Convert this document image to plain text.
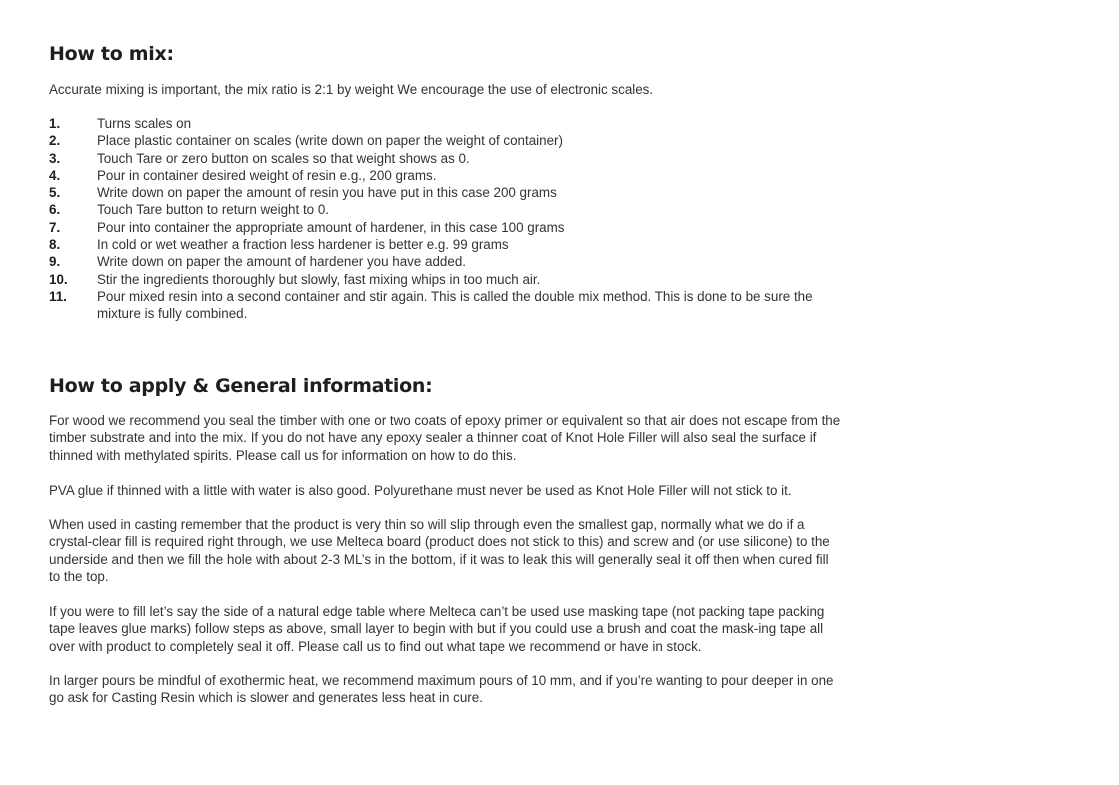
How to mix:

Accurate mixing is important, the mix ratio is 2:1 by weight We encourage the use of electronic scales.

1.	Turns scales on
2.	Place plastic container on scales (write down on paper the weight of container)
3.	Touch Tare or zero button on scales so that weight shows as 0.
4.	Pour in container desired weight of resin e.g., 200 grams.
5.	Write down on paper the amount of resin you have put in this case 200 grams
6.	Touch Tare button to return weight to 0.
7.	Pour into container the appropriate amount of hardener, in this case 100 grams
8.	In cold or wet weather a fraction less hardener is better e.g. 99 grams
9.	Write down on paper the amount of hardener you have added.
10.	Stir the ingredients thoroughly but slowly, fast mixing whips in too much air.
11.	Pour mixed resin into a second container and stir again. This is called the double mix method. This is done to be sure the mixture is fully combined.
How to apply & General information:

For wood we recommend you seal the timber with one or two coats of epoxy primer or equivalent so that air does not escape from the timber substrate and into the mix. If you do not have any epoxy sealer a thinner coat of Knot Hole Filler will also seal the surface if thinned with methylated spirits. Please call us for information on how to do this.

PVA glue if thinned with a little with water is also good. Polyurethane must never be used as Knot Hole Filler will not stick to it.

When used in casting remember that the product is very thin so will slip through even the smallest gap, normally what we do if a crystal-clear fill is required right through, we use Melteca board (product does not stick to this) and screw and (or use silicone) to the underside and then we fill the hole with about 2-3 ML’s in the bottom, if it was to leak this will generally seal it off then when cured fill to the top.

If you were to fill let’s say the side of a natural edge table where Melteca can’t be used use masking tape (not packing tape packing tape leaves glue marks) follow steps as above, small layer to begin with but if you could use a brush and coat the mask-ing tape all over with product to completely seal it off. Please call us to find out what tape we recommend or have in stock.

In larger pours be mindful of exothermic heat, we recommend maximum pours of 10 mm, and if you’re wanting to pour deeper in one go ask for Casting Resin which is slower and generates less heat in cure.
